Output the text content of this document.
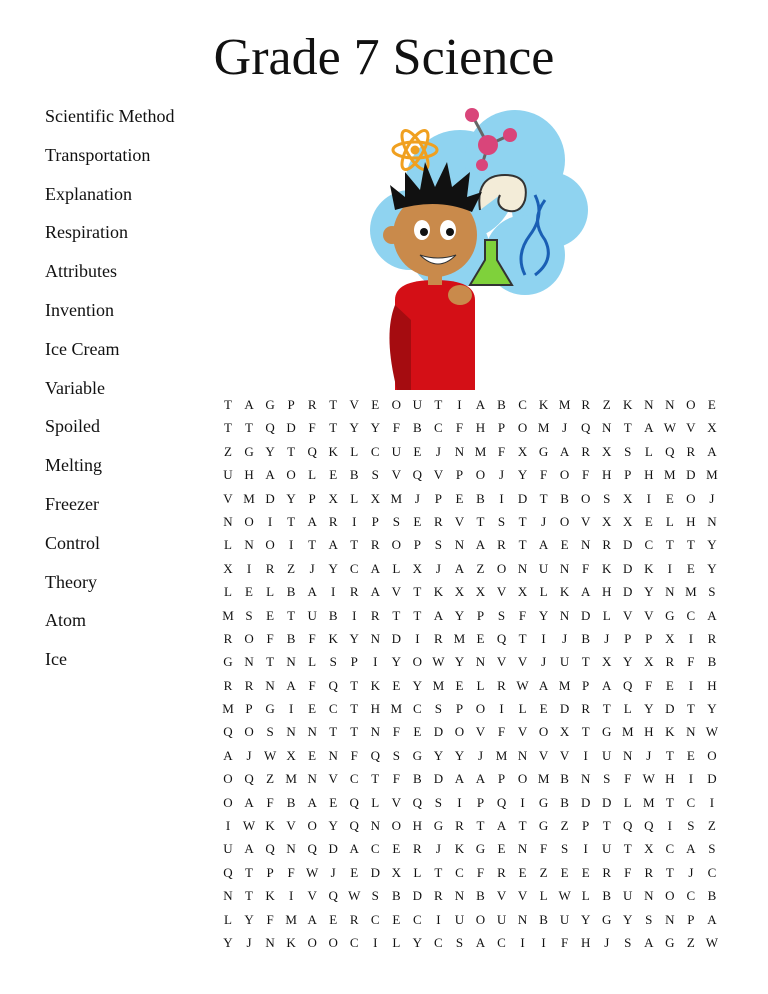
Grade 7 Science
Scientific Method
Transportation
Explanation
Respiration
Attributes
Invention
Ice Cream
Variable
Spoiled
Melting
Freezer
Control
Theory
Atom
Ice
T A G P	R T V E O U T	I	A B C K M R Z K N N O E
T	T Q D F	T Y Y F	B C	F H P O M J	Q N T A W V X
Z G Y T Q K L C U E	J	N M F X G A R X S	L Q R A
U H A O L	E B	S V Q V P O	J	Y F O F H P H M D M
V M D Y P X L X M J	P	E B	I	D T B O S X	I	E O	J
N O	I	T A R	I	P	S	E R V T	S	T	J	O V X X E	L H N
L N O	I	T A T R O P	S N A R T A E N R D C T	T Y
X	I	R Z	J	Y C A L X	J	A Z O N U N F K D K	I	E Y
L	E	L B A	I	R A V T K X X V X L K A H D Y N M S
M S	E	T U B	I	R T	T A Y P	S	F Y N D L V V G C A
R O F	B	F K Y N D	I	R M E Q T	I	J	B	J	P	P X	I	R
G N T N L	S	P	I	Y O W Y N V V	J	U T X Y X R	F	B
R R N A F Q T K E Y M E	L R W A M P A Q F	E	I	H
M P G	I	E C T H M C	S	P O	I	L	E D R T	L Y D T Y
Q O S N N T	T N F	E D O V F V O X T G M H K N W
A	J W X E N F Q S G Y Y	J M N V V	I	U N	J	T	E O
O Q Z M N V C T	F	B D A A P O M B N S	F W H	I	D
O A F	B A E Q L V Q S	I	P Q	I	G B D D L M T C	I
I W K V O Y Q N O H G R T A T G Z	P	T Q Q	I	S	Z
U A Q N Q D A C E R	J	K G E N F	S	I	U T X C A S
Q T	P	F W J	E D X L	T C	F	R E	Z	E	E R	F	R T	J	C
N T K	I	V Q W S	B D R N B V V L W L B U N O C B
L Y F M A E R C E C	I	U O U N B U Y G Y S N P A
Y	J	N K O O C	I	L Y C	S A C	I	I	F H	J	S A G Z W
